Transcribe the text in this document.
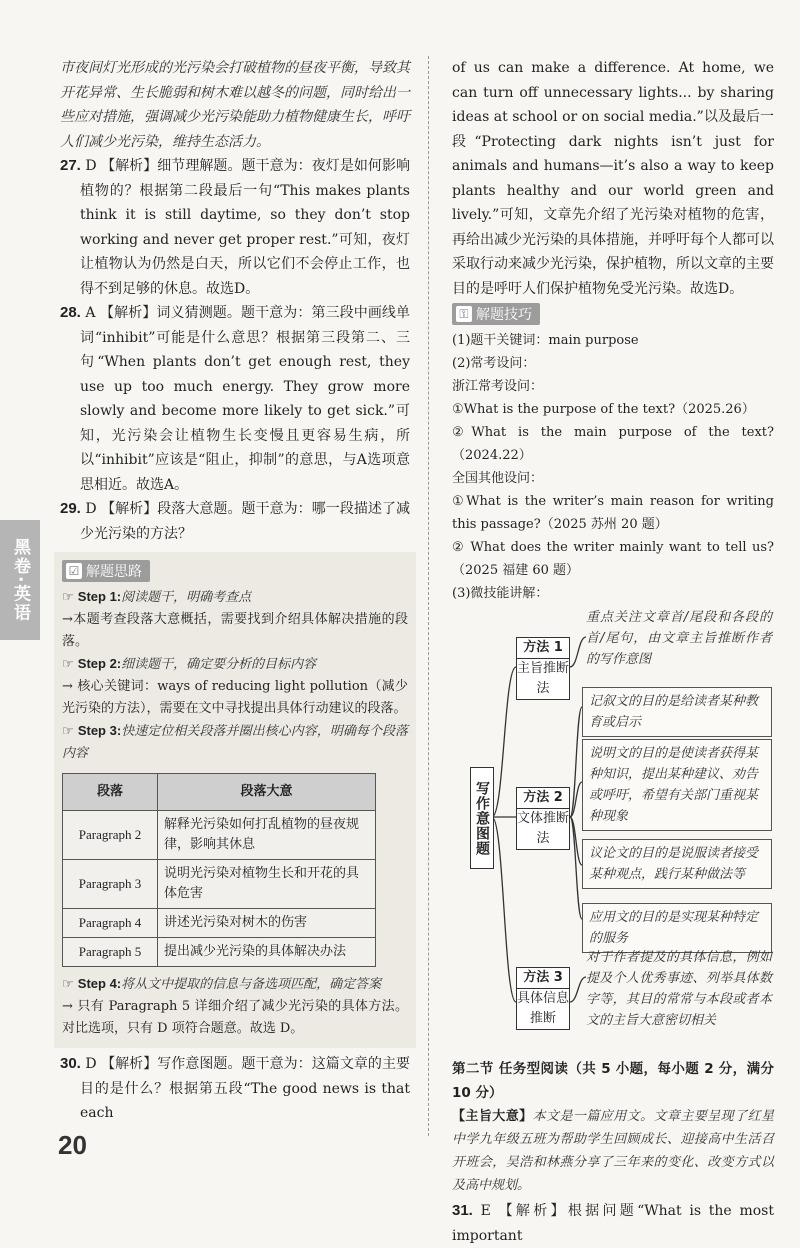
黑卷·英语
20

市夜间灯光形成的光污染会打破植物的昼夜平衡，导致其开花异常、生长脆弱和树木难以越冬的问题，同时给出一些应对措施，强调减少光污染能助力植物健康生长，呼吁人们减少光污染，维持生态活力。

27. D 【解析】细节理解题。题干意为：夜灯是如何影响植物的？根据第二段最后一句“This makes plants think it is still daytime, so they don’t stop working and never get proper rest.”可知，夜灯让植物认为仍然是白天，所以它们不会停止工作，也得不到足够的休息。故选D。

28. A 【解析】词义猜测题。题干意为：第三段中画线单词“inhibit”可能是什么意思？根据第三段第二、三句“When plants don’t get enough rest, they use up too much energy. They grow more slowly and become more likely to get sick.”可知，光污染会让植物生长变慢且更容易生病，所以“inhibit”应该是“阻止，抑制”的意思，与A选项意思相近。故选A。

29. D 【解析】段落大意题。题干意为：哪一段描述了减少光污染的方法？

☑ 解题思路

☞ Step 1:阅读题干，明确考查点

→本题考查段落大意概括，需要找到介绍具体解决措施的段落。

☞ Step 2:细读题干，确定要分析的目标内容

→ 核心关键词：ways of reducing light pollution（减少光污染的方法），需要在文中寻找提出具体行动建议的段落。

☞ Step 3:快速定位相关段落并圈出核心内容，明确每个段落内容

段落	段落大意
Paragraph 2	解释光污染如何打乱植物的昼夜规律，影响其休息
Paragraph 3	说明光污染对植物生长和开花的具体危害
Paragraph 4	讲述光污染对树木的伤害
Paragraph 5	提出减少光污染的具体解决办法

☞ Step 4:将从文中提取的信息与备选项匹配，确定答案

→ 只有 Paragraph 5 详细介绍了减少光污染的具体方法。对比选项，只有 D 项符合题意。故选 D。

30. D 【解析】写作意图题。题干意为：这篇文章的主要目的是什么？根据第五段“The good news is that each

of us can make a difference. At home, we can turn off unnecessary lights... by sharing ideas at school or on social media.”以及最后一段“Protecting dark nights isn’t just for animals and humans—it’s also a way to keep plants healthy and our world green and lively.”可知，文章先介绍了光污染对植物的危害，再给出减少光污染的具体措施，并呼吁每个人都可以采取行动来减少光污染，保护植物，所以文章的主要目的是呼吁人们保护植物免受光污染。故选D。

⚿ 解题技巧

(1)题干关键词：main purpose

(2)常考设问：

浙江常考设问：

①What is the purpose of the text?（2025.26）

②What is the main purpose of the text?（2024.22）

全国其他设问：

①What is the writer’s main reason for writing this passage?（2025 苏州 20 题）

② What does the writer mainly want to tell us?（2025 福建 60 题）

(3)微技能讲解：

写作意图题
方法 1
主旨推断法
重点关注文章首/尾段和各段的首/尾句，由文章主旨推断作者的写作意图
方法 2
文体推断法
记叙文的目的是给读者某种教育或启示
说明文的目的是使读者获得某种知识，提出某种建议、劝告或呼吁，希望有关部门重视某种现象
议论文的目的是说服读者接受某种观点，践行某种做法等
应用文的目的是实现某种特定的服务
方法 3
具体信息推断
对于作者提及的具体信息，例如提及个人优秀事迹、列举具体数字等，其目的常常与本段或者本文的主旨大意密切相关

第二节 任务型阅读（共 5 小题，每小题 2 分，满分 10 分）

【主旨大意】本文是一篇应用文。文章主要呈现了红星中学九年级五班为帮助学生回顾成长、迎接高中生活召开班会，吴浩和林燕分享了三年来的变化、改变方式以及高中规划。

31. E 【解析】根据问题“What is the most important
